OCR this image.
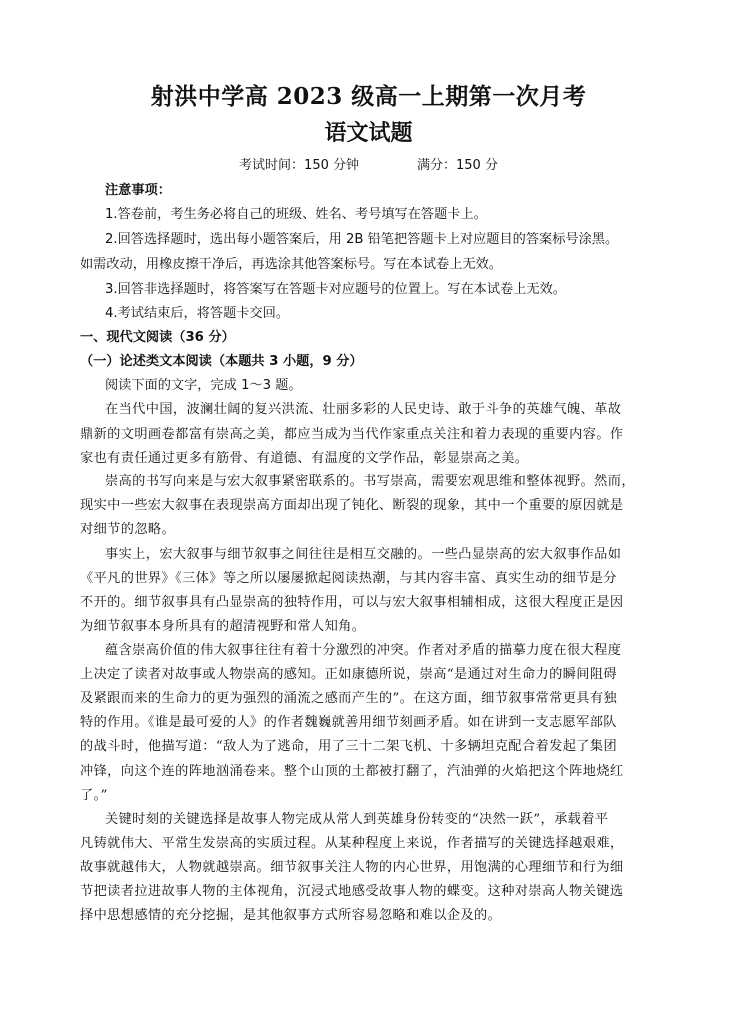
射洪中学高 2023 级高一上期第一次月考
语文试题
考试时间：150 分钟	满分：150 分
注意事项：
1.答卷前，考生务必将自己的班级、姓名、考号填写在答题卡上。
2.回答选择题时，选出每小题答案后，用 2B 铅笔把答题卡上对应题目的答案标号涂黑。
如需改动，用橡皮擦干净后，再选涂其他答案标号。写在本试卷上无效。
3.回答非选择题时，将答案写在答题卡对应题号的位置上。写在本试卷上无效。
4.考试结束后，将答题卡交回。
一、现代文阅读（36 分）
（一）论述类文本阅读（本题共 3 小题，9 分）
阅读下面的文字，完成 1～3 题。
在当代中国，波澜壮阔的复兴洪流、壮丽多彩的人民史诗、敢于斗争的英雄气魄、革故
鼎新的文明画卷都富有崇高之美，都应当成为当代作家重点关注和着力表现的重要内容。作
家也有责任通过更多有筋骨、有道德、有温度的文学作品，彰显崇高之美。
崇高的书写向来是与宏大叙事紧密联系的。书写崇高，需要宏观思维和整体视野。然而，
现实中一些宏大叙事在表现崇高方面却出现了钝化、断裂的现象，其中一个重要的原因就是
对细节的忽略。
事实上，宏大叙事与细节叙事之间往往是相互交融的。一些凸显崇高的宏大叙事作品如
《平凡的世界》《三体》等之所以屡屡掀起阅读热潮，与其内容丰富、真实生动的细节是分
不开的。细节叙事具有凸显崇高的独特作用，可以与宏大叙事相辅相成，这很大程度正是因
为细节叙事本身所具有的超清视野和常人知角。
蕴含崇高价值的伟大叙事往往有着十分激烈的冲突。作者对矛盾的描摹力度在很大程度
上决定了读者对故事或人物崇高的感知。正如康德所说，崇高“是通过对生命力的瞬间阻碍
及紧跟而来的生命力的更为强烈的涌流之感而产生的”。在这方面，细节叙事常常更具有独
特的作用。《谁是最可爱的人》的作者魏巍就善用细节刻画矛盾。如在讲到一支志愿军部队
的战斗时，他描写道：“敌人为了逃命，用了三十二架飞机、十多辆坦克配合着发起了集团
冲锋，向这个连的阵地汹涌卷来。整个山顶的土都被打翻了，汽油弹的火焰把这个阵地烧红
了。”
关键时刻的关键选择是故事人物完成从常人到英雄身份转变的“决然一跃”，承载着平
凡铸就伟大、平常生发崇高的实质过程。从某种程度上来说，作者描写的关键选择越艰难，
故事就越伟大，人物就越崇高。细节叙事关注人物的内心世界，用饱满的心理细节和行为细
节把读者拉进故事人物的主体视角，沉浸式地感受故事人物的蝶变。这种对崇高人物关键选
择中思想感情的充分挖掘，是其他叙事方式所容易忽略和难以企及的。
